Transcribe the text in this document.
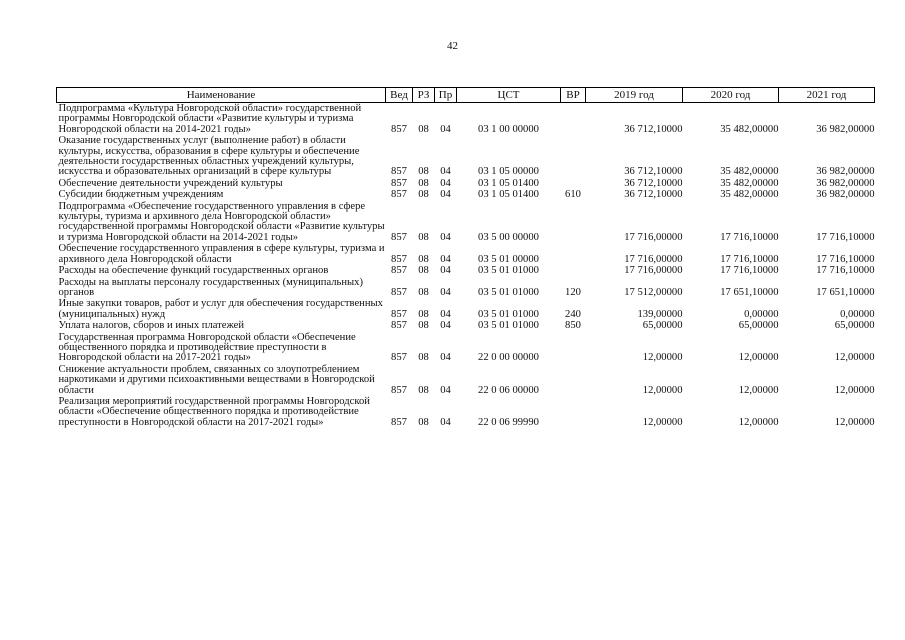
42
Наименование	Вед	РЗ	Пр	ЦСТ	ВР	2019 год	2020 год	2021 год
Подпрограмма «Культура Новгородской области» государственной программы Новгородской области «Развитие культуры и туризма Новгородской области на 2014-2021 годы»	857	08	04	03 1 00 00000		36 712,10000	35 482,00000	36 982,00000
Оказание государственных услуг (выполнение работ) в области культуры, искусства, образования в сфере культуры и обеспечение деятельности государственных областных учреждений культуры, искусства и образовательных организаций в сфере культуры	857	08	04	03 1 05 00000		36 712,10000	35 482,00000	36 982,00000
Обеспечение деятельности учреждений культуры	857	08	04	03 1 05 01400		36 712,10000	35 482,00000	36 982,00000
Субсидии бюджетным учреждениям	857	08	04	03 1 05 01400	610	36 712,10000	35 482,00000	36 982,00000
Подпрограмма «Обеспечение государственного управления в сфере культуры, туризма и архивного дела Новгородской области» государственной программы Новгородской области «Развитие культуры и туризма Новгородской области на 2014-2021 годы»	857	08	04	03 5 00 00000		17 716,00000	17 716,10000	17 716,10000
Обеспечение государственного управления в сфере культуры, туризма и архивного дела Новгородской области	857	08	04	03 5 01 00000		17 716,00000	17 716,10000	17 716,10000
Расходы на обеспечение функций государственных органов	857	08	04	03 5 01 01000		17 716,00000	17 716,10000	17 716,10000
Расходы на выплаты персоналу государственных (муниципальных) органов	857	08	04	03 5 01 01000	120	17 512,00000	17 651,10000	17 651,10000
Иные закупки товаров, работ и услуг для обеспечения государственных (муниципальных) нужд	857	08	04	03 5 01 01000	240	139,00000	0,00000	0,00000
Уплата налогов, сборов и иных платежей	857	08	04	03 5 01 01000	850	65,00000	65,00000	65,00000
Государственная программа Новгородской области «Обеспечение общественного порядка и противодействие преступности в Новгородской области на 2017-2021 годы»	857	08	04	22 0 00 00000		12,00000	12,00000	12,00000
Снижение актуальности проблем, связанных со злоупотреблением наркотиками и другими психоактивными веществами в Новгородской области	857	08	04	22 0 06 00000		12,00000	12,00000	12,00000
Реализация мероприятий государственной программы Новгородской области «Обеспечение общественного порядка и противодействие преступности в Новгородской области на 2017-2021 годы»	857	08	04	22 0 06 99990		12,00000	12,00000	12,00000
